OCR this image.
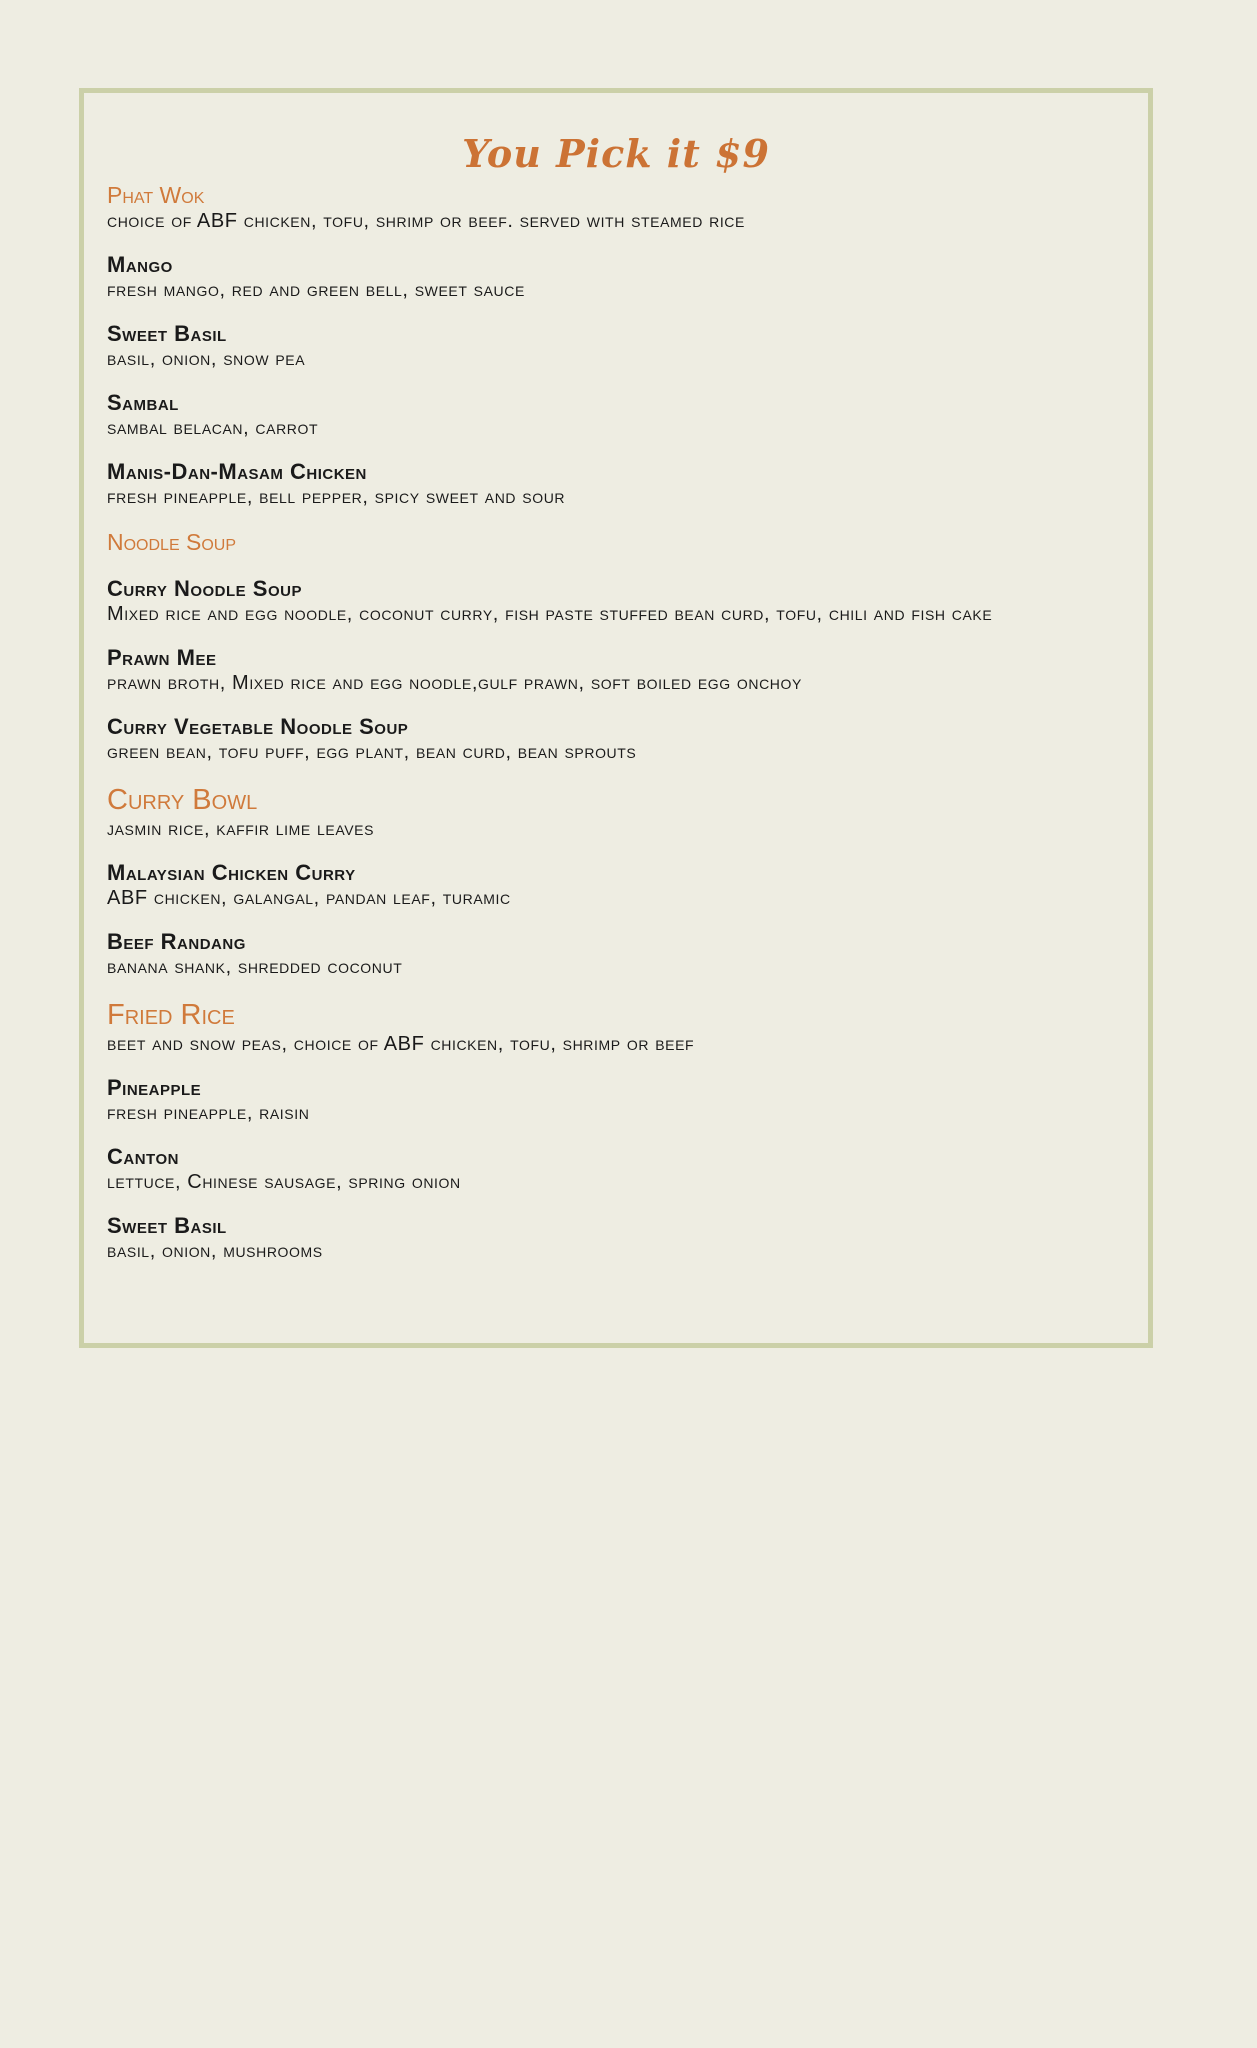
You Pick it $9
Phat Wok
choice of ABF chicken, tofu, shrimp or beef. served with steamed rice
Mango
fresh mango, red and green bell, sweet sauce
Sweet Basil
basil, onion, snow pea
Sambal
sambal belacan, carrot
Manis-Dan-Masam Chicken
fresh pineapple, bell pepper, spicy sweet and sour
Noodle Soup
Curry Noodle Soup
Mixed rice and egg noodle, coconut curry, fish paste stuffed bean curd, tofu, chili and fish cake
Prawn Mee
prawn broth, Mixed rice and egg noodle,gulf prawn, soft boiled egg onchoy
Curry Vegetable Noodle Soup
green bean, tofu puff, egg plant, bean curd, bean sprouts
Curry Bowl
jasmin rice, kaffir lime leaves
Malaysian Chicken Curry
ABF chicken, galangal, pandan leaf, turamic
Beef Randang
banana shank, shredded coconut
Fried Rice
beet and snow peas, choice of ABF chicken, tofu, shrimp or beef
Pineapple
fresh pineapple, raisin
Canton
lettuce, Chinese sausage, spring onion
Sweet Basil
basil, onion, mushrooms
